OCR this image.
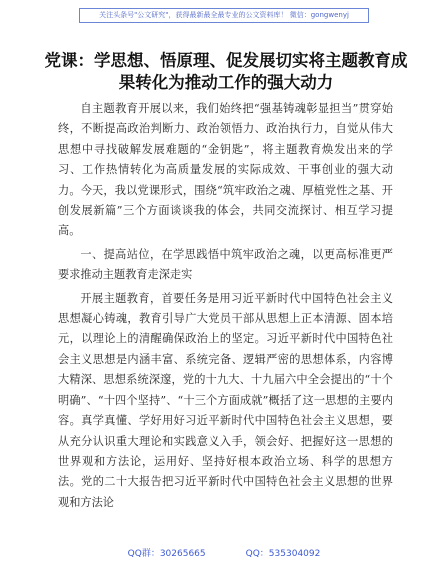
关注头条号"公文研究"，获得最新最全最专业的公文资料库！ 微信：gongwenyj
党课：学思想、悟原理、促发展切实将主题教育成果转化为推动工作的强大动力

自主题教育开展以来，我们始终把“强基铸魂彰显担当”贯穿始终，不断提高政治判断力、政治领悟力、政治执行力，自觉从伟大思想中寻找破解发展难题的“金钥匙”，将主题教育焕发出来的学习、工作热情转化为高质量发展的实际成效、干事创业的强大动力。今天，我以党课形式，围绕“筑牢政治之魂、厚植党性之基、开创发展新篇”三个方面谈谈我的体会，共同交流探讨、相互学习提高。

一、提高站位，在学思践悟中筑牢政治之魂，以更高标准更严要求推动主题教育走深走实

开展主题教育，首要任务是用习近平新时代中国特色社会主义思想凝心铸魂，教育引导广大党员干部从思想上正本清源、固本培元，以理论上的清醒确保政治上的坚定。习近平新时代中国特色社会主义思想是内涵丰富、系统完备、逻辑严密的思想体系，内容博大精深、思想系统深邃，党的十九大、十九届六中全会提出的“十个明确”、“十四个坚持”、“十三个方面成就”概括了这一思想的主要内容。真学真懂、学好用好习近平新时代中国特色社会主义思想，要从充分认识重大理论和实践意义入手，领会好、把握好这一思想的世界观和方法论，运用好、坚持好根本政治立场、科学的思想方法。党的二十大报告把习近平新时代中国特色社会主义思想的世界观和方法论

QQ群：30265665	QQ：535304092
